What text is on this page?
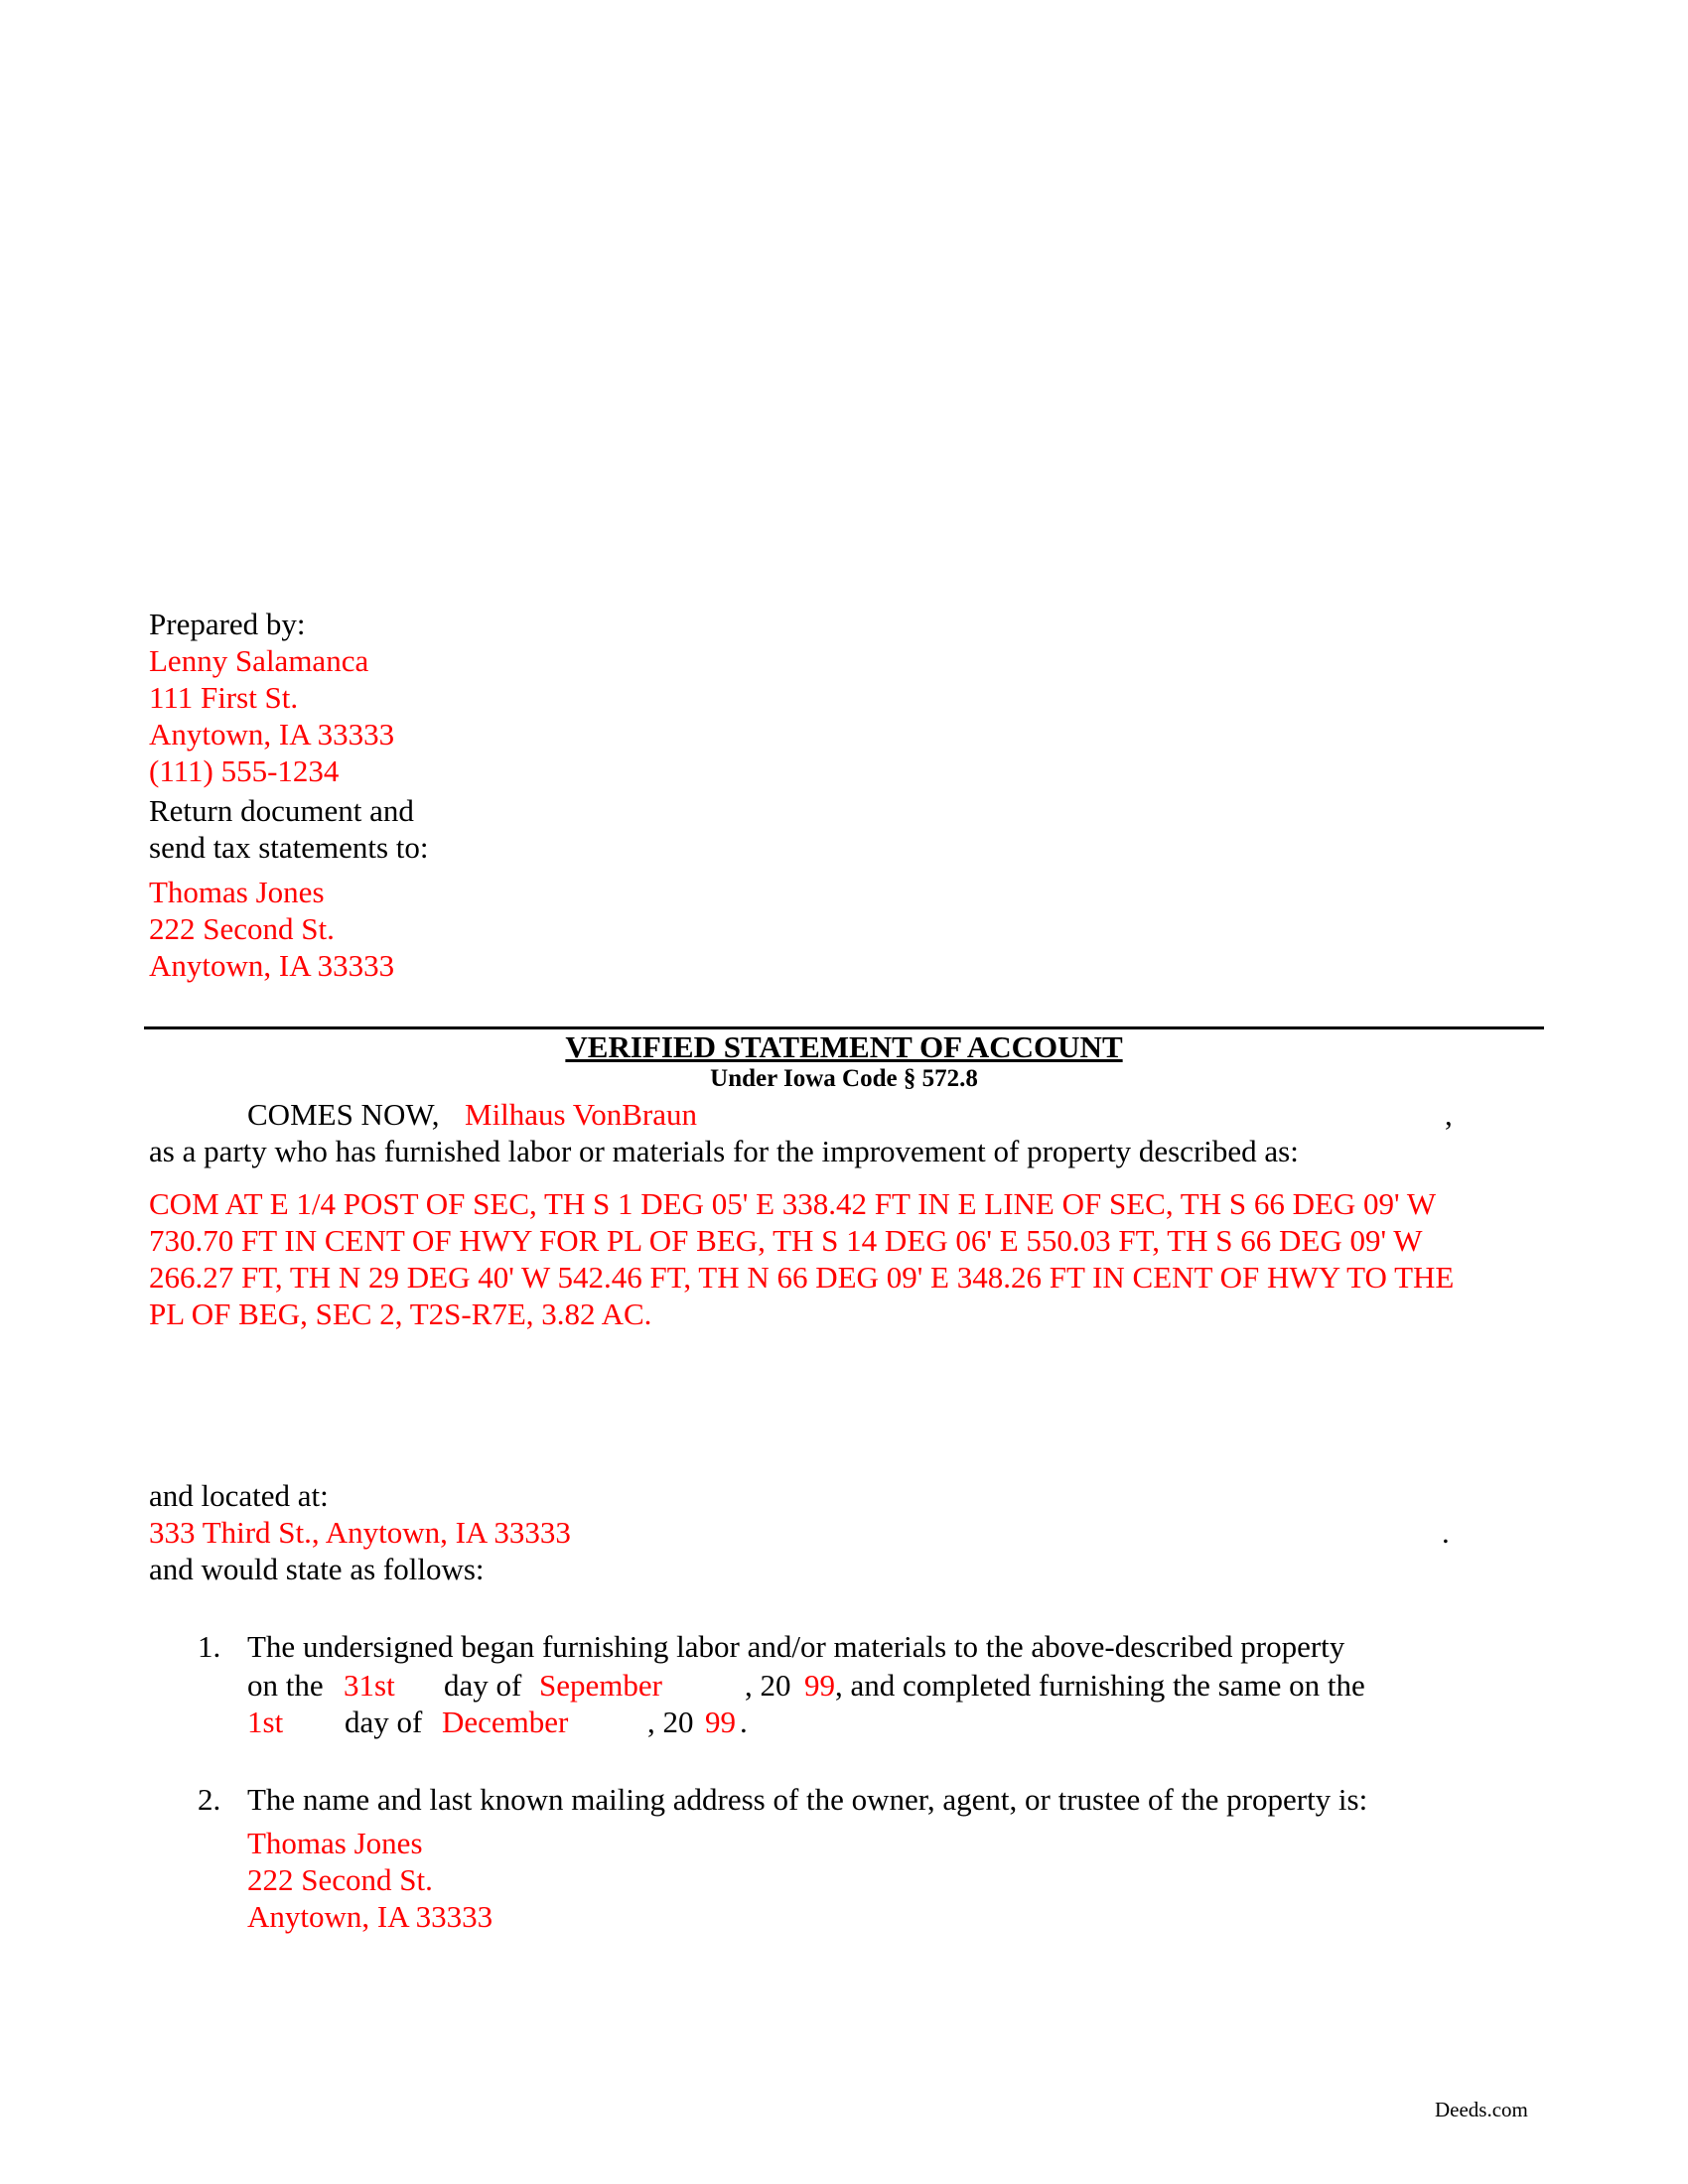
Prepared by:
Lenny Salamanca
111 First St.
Anytown, IA 33333
(111) 555-1234
Return document and
send tax statements to:
Thomas Jones
222 Second St.
Anytown, IA 33333
VERIFIED STATEMENT OF ACCOUNT
Under Iowa Code § 572.8
COMES NOW, Milhaus VonBraun	,
as a party who has furnished labor or materials for the improvement of property described as:
COM AT E 1/4 POST OF SEC, TH S 1 DEG 05' E 338.42 FT IN E LINE OF SEC, TH S 66 DEG 09' W 730.70 FT IN CENT OF HWY FOR PL OF BEG, TH S 14 DEG 06' E 550.03 FT, TH S 66 DEG 09' W 266.27 FT, TH N 29 DEG 40' W 542.46 FT, TH N 66 DEG 09' E 348.26 FT IN CENT OF HWY TO THE PL OF BEG, SEC 2, T2S-R7E, 3.82 AC.
and located at:
333 Third St., Anytown, IA 33333	.
and would state as follows:
1. The undersigned began furnishing labor and/or materials to the above-described property
on the 31st day of Sepember	, 20 99 , and completed furnishing the same on the
1st day of December	, 20 99 .
2. The name and last known mailing address of the owner, agent, or trustee of the property is:
Thomas Jones
222 Second St.
Anytown, IA 33333
Deeds.com
